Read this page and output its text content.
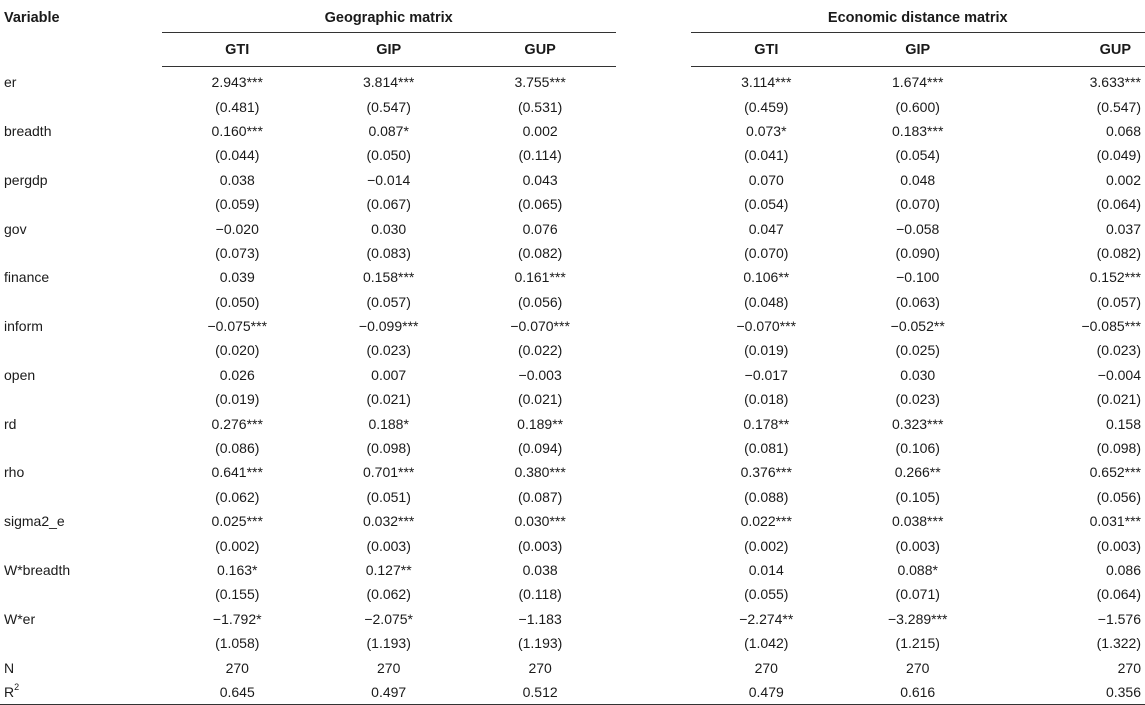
Variable	Geographic matrix				Economic distance matrix		
	GTI	GIP	GUP		GTI	GIP	GUP
er	2.943***	3.814***	3.755***		3.114***	1.674***	3.633***
	(0.481)	(0.547)	(0.531)		(0.459)	(0.600)	(0.547)
breadth	0.160***	0.087*	0.002		0.073*	0.183***	0.068
	(0.044)	(0.050)	(0.114)		(0.041)	(0.054)	(0.049)
pergdp	0.038	−0.014	0.043		0.070	0.048	0.002
	(0.059)	(0.067)	(0.065)		(0.054)	(0.070)	(0.064)
gov	−0.020	0.030	0.076		0.047	−0.058	0.037
	(0.073)	(0.083)	(0.082)		(0.070)	(0.090)	(0.082)
finance	0.039	0.158***	0.161***		0.106**	−0.100	0.152***
	(0.050)	(0.057)	(0.056)		(0.048)	(0.063)	(0.057)
inform	−0.075***	−0.099***	−0.070***		−0.070***	−0.052**	−0.085***
	(0.020)	(0.023)	(0.022)		(0.019)	(0.025)	(0.023)
open	0.026	0.007	−0.003		−0.017	0.030	−0.004
	(0.019)	(0.021)	(0.021)		(0.018)	(0.023)	(0.021)
rd	0.276***	0.188*	0.189**		0.178**	0.323***	0.158
	(0.086)	(0.098)	(0.094)		(0.081)	(0.106)	(0.098)
rho	0.641***	0.701***	0.380***		0.376***	0.266**	0.652***
	(0.062)	(0.051)	(0.087)		(0.088)	(0.105)	(0.056)
sigma2_e	0.025***	0.032***	0.030***		0.022***	0.038***	0.031***
	(0.002)	(0.003)	(0.003)		(0.002)	(0.003)	(0.003)
W*breadth	0.163*	0.127**	0.038		0.014	0.088*	0.086
	(0.155)	(0.062)	(0.118)		(0.055)	(0.071)	(0.064)
W*er	−1.792*	−2.075*	−1.183		−2.274**	−3.289***	−1.576
	(1.058)	(1.193)	(1.193)		(1.042)	(1.215)	(1.322)
N	270	270	270		270	270	270
$R^2$	0.645	0.497	0.512		0.479	0.616	0.356
